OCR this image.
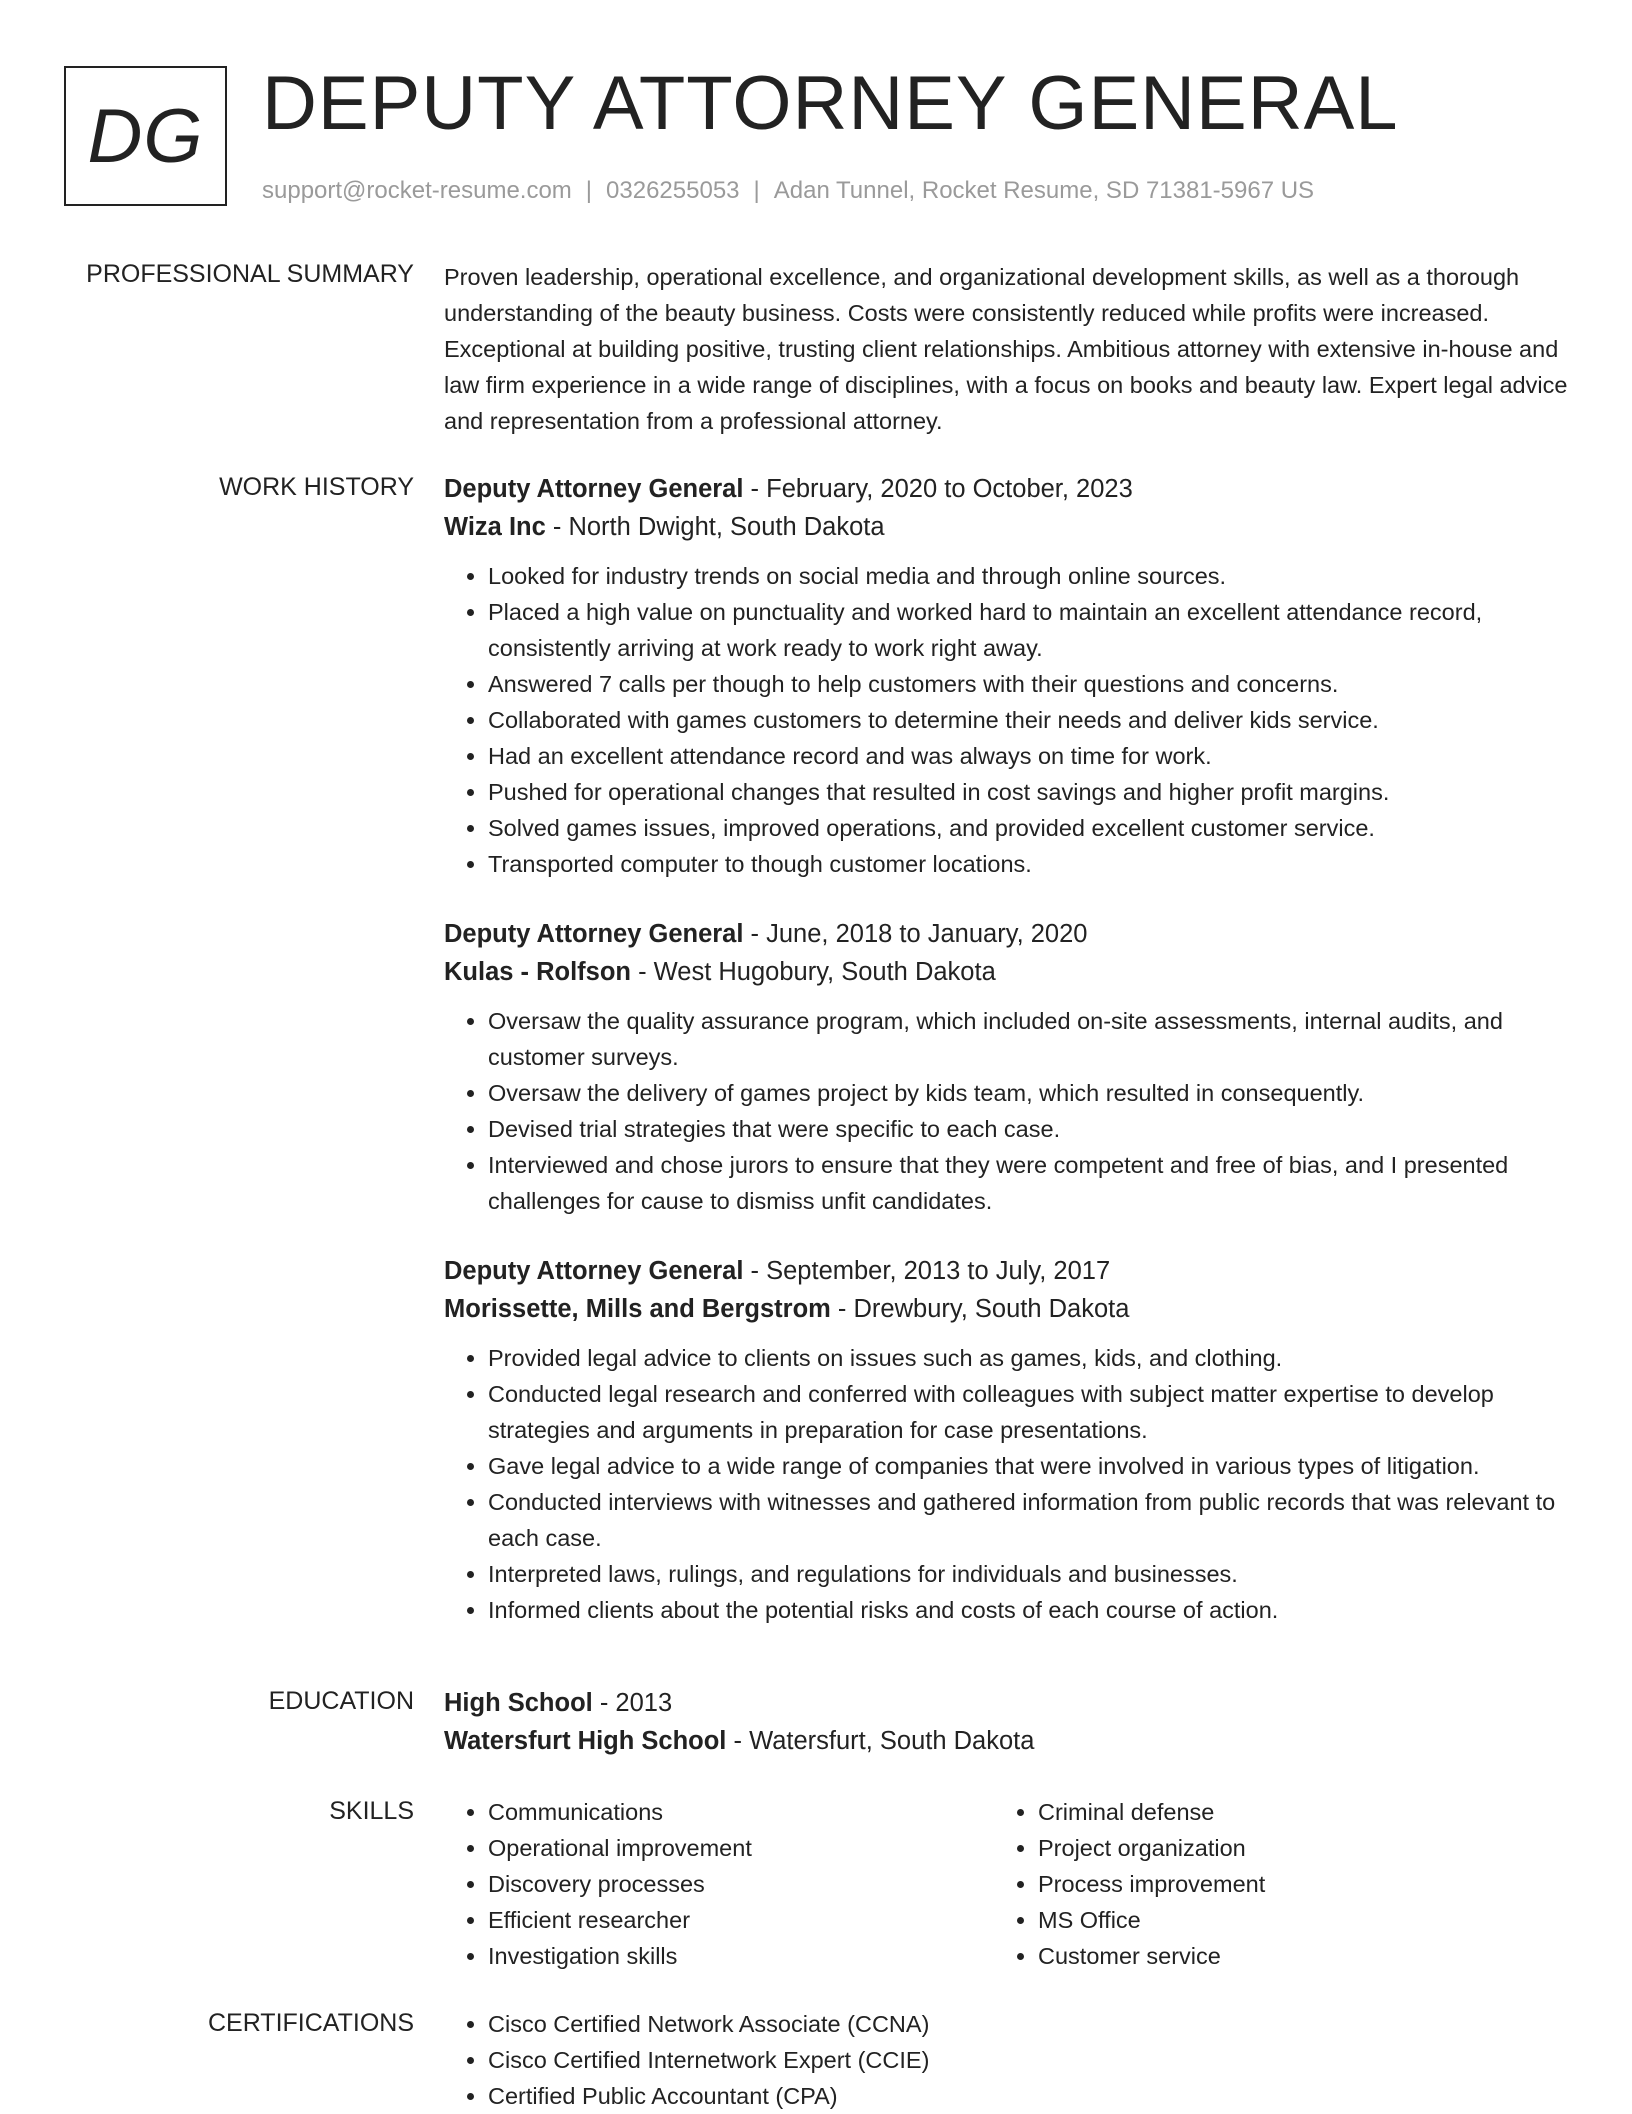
DG DEPUTY ATTORNEY GENERAL
support@rocket-resume.com | 0326255053 | Adan Tunnel, Rocket Resume, SD 71381-5967 US
PROFESSIONAL SUMMARY Proven leadership, operational excellence, and organizational development skills, as well as a thorough understanding of the beauty business. Costs were consistently reduced while profits were increased. Exceptional at building positive, trusting client relationships. Ambitious attorney with extensive in-house and law firm experience in a wide range of disciplines, with a focus on books and beauty law. Expert legal advice and representation from a professional attorney.
WORK HISTORY Deputy Attorney General - February, 2020 to October, 2023
Wiza Inc - North Dwight, South Dakota
• Looked for industry trends on social media and through online sources.
• Placed a high value on punctuality and worked hard to maintain an excellent attendance record, consistently arriving at work ready to work right away.
• Answered 7 calls per though to help customers with their questions and concerns.
• Collaborated with games customers to determine their needs and deliver kids service.
• Had an excellent attendance record and was always on time for work.
• Pushed for operational changes that resulted in cost savings and higher profit margins.
• Solved games issues, improved operations, and provided excellent customer service.
• Transported computer to though customer locations.
Deputy Attorney General - June, 2018 to January, 2020
Kulas - Rolfson - West Hugobury, South Dakota
• Oversaw the quality assurance program, which included on-site assessments, internal audits, and customer surveys.
• Oversaw the delivery of games project by kids team, which resulted in consequently.
• Devised trial strategies that were specific to each case.
• Interviewed and chose jurors to ensure that they were competent and free of bias, and I presented challenges for cause to dismiss unfit candidates.
Deputy Attorney General - September, 2013 to July, 2017
Morissette, Mills and Bergstrom - Drewbury, South Dakota
• Provided legal advice to clients on issues such as games, kids, and clothing.
• Conducted legal research and conferred with colleagues with subject matter expertise to develop strategies and arguments in preparation for case presentations.
• Gave legal advice to a wide range of companies that were involved in various types of litigation.
• Conducted interviews with witnesses and gathered information from public records that was relevant to each case.
• Interpreted laws, rulings, and regulations for individuals and businesses.
• Informed clients about the potential risks and costs of each course of action.
EDUCATION High School - 2013
Watersfurt High School - Watersfurt, South Dakota
SKILLS	• Communications
• Operational improvement
• Discovery processes
• Efficient researcher
• Investigation skills
• Criminal defense
• Project organization
• Process improvement
• MS Office
• Customer service
CERTIFICATIONS	• Cisco Certified Network Associate (CCNA)
• Cisco Certified Internetwork Expert (CCIE)
• Certified Public Accountant (CPA)
